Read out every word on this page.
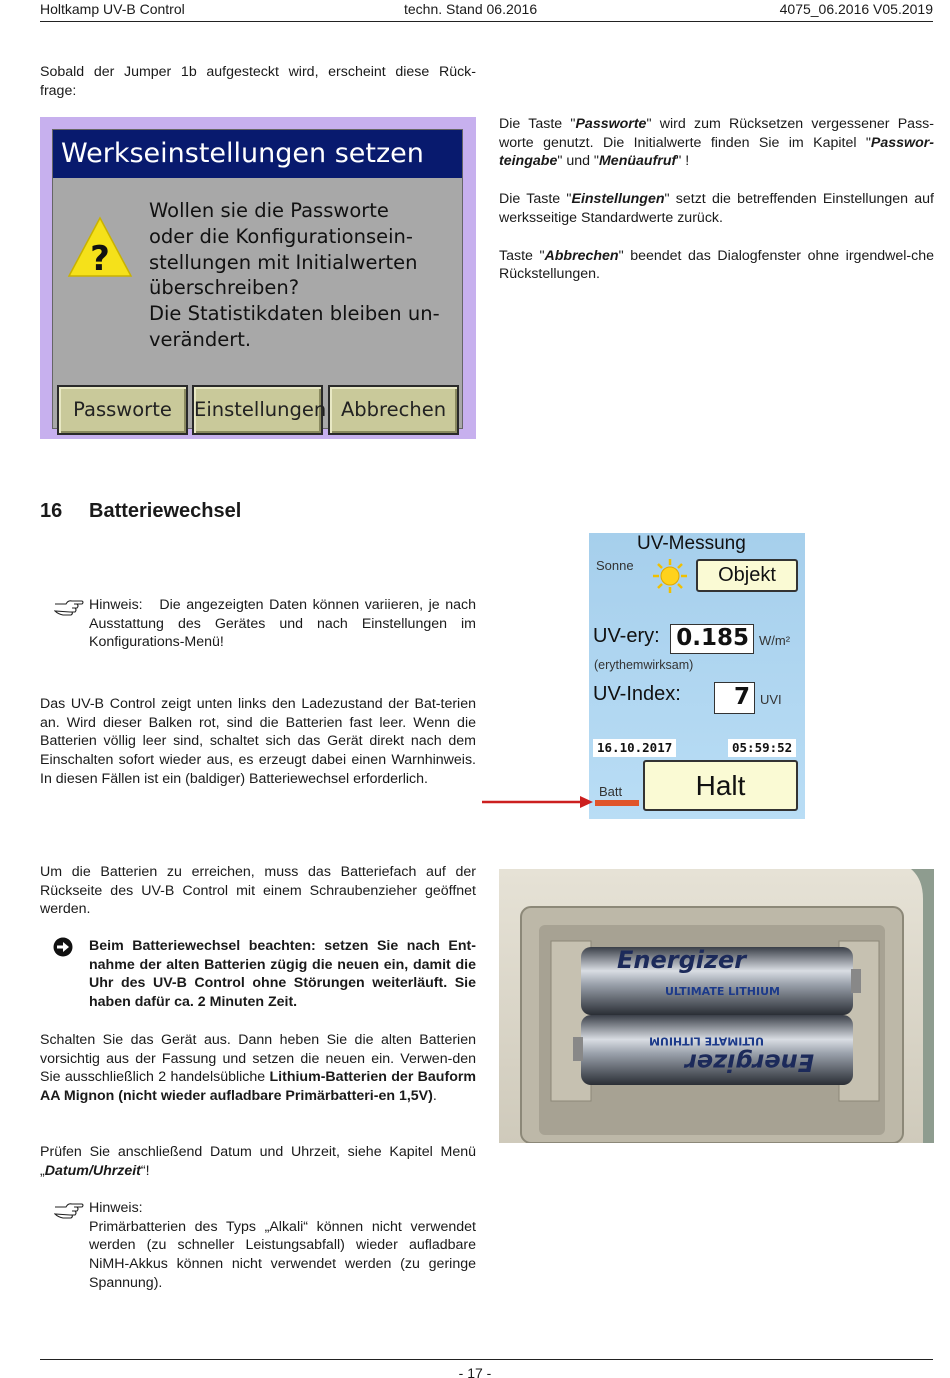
Holtkamp UV-B Control	techn. Stand 06.2016	4075_06.2016 V05.2019
Sobald der Jumper 1b aufgesteckt wird, erscheint diese Rück-
frage:
Werkseinstellungen setzen
?
Wollen sie die Passworte
oder die Konfigurationsein-
stellungen mit Initialwerten
überschreiben?
Die Statistikdaten bleiben un-
verändert.
Passworte	Einstellungen Abbrechen

Die Taste "Passworte" wird zum Rücksetzen vergessener Pass-worte genutzt. Die Initialwerte finden Sie im Kapitel "Passwor-teingabe" und "Menüaufruf" !

Die Taste "Einstellungen" setzt die betreffenden Einstellungen auf werksseitige Standardwerte zurück.

Taste "Abbrechen" beendet das Dialogfenster ohne irgendwel-che Rückstellungen.

16 Batteriewechsel

Hinweis: Die angezeigten Daten können variieren, je nach Ausstattung des Gerätes und nach Einstellungen im Konfigurations-Menü!

Das UV-B Control zeigt unten links den Ladezustand der Bat-terien an. Wird dieser Balken rot, sind die Batterien fast leer. Wenn die Batterien völlig leer sind, schaltet sich das Gerät direkt nach dem Einschalten sofort wieder aus, es erzeugt dabei einen Warnhinweis. In diesen Fällen ist ein (baldiger) Batteriewechsel erforderlich.

UV-Messung
Sonne	Objekt
UV-ery: 0.185 W/m²
(erythemwirksam)
UV-Index:	7 UVI
16.10.2017	05:59:52
Batt	Halt

Um die Batterien zu erreichen, muss das Batteriefach auf der Rückseite des UV-B Control mit einem Schraubenzieher geöffnet werden.

Beim Batteriewechsel beachten: setzen Sie nach Ent-nahme der alten Batterien zügig die neuen ein, damit die Uhr des UV-B Control ohne Störungen weiterläuft. Sie haben dafür ca. 2 Minuten Zeit.

Schalten Sie das Gerät aus. Dann heben Sie die alten Batterien vorsichtig aus der Fassung und setzen die neuen ein. Verwen-den Sie ausschließlich 2 handelsübliche Lithium-Batterien der Bauform AA Mignon (nicht wieder aufladbare Primärbatteri-en 1,5V).

Prüfen Sie anschließend Datum und Uhrzeit, siehe Kapitel Menü „Datum/Uhrzeit“!

Hinweis:

Primärbatterien des Typs „Alkali“ können nicht verwendet werden (zu schneller Leistungsabfall) wieder aufladbare NiMH-Akkus können nicht verwendet werden (zu geringe Spannung).

Energizer
ULTIMATE LITHIUM
ULTIMATE LITHIUM
Energizer
- 17 -
